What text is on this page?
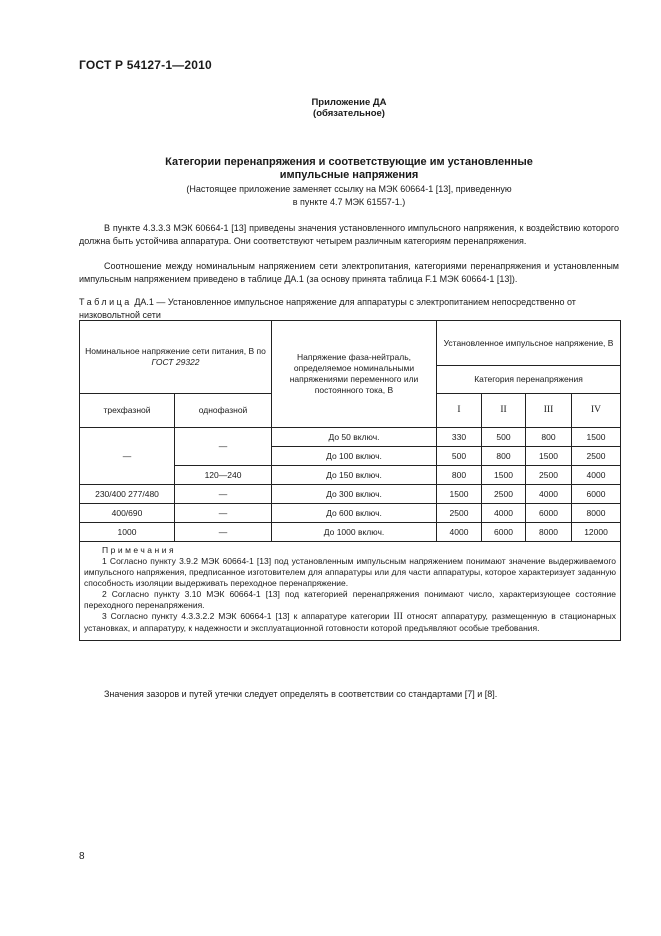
ГОСТ Р 54127-1—2010
Приложение ДА
(обязательное)
Категории перенапряжения и соответствующие им установленные
импульсные напряжения
(Настоящее приложение заменяет ссылку на МЭК 60664-1 [13], приведенную
в пункте 4.7 МЭК 61557-1.)
В пункте 4.3.3.3 МЭК 60664-1 [13] приведены значения установленного импульсного напряжения, к воздействию которого должна быть устойчива аппаратура. Они соответствуют четырем различным категориям перенапряжения.
Соотношение между номинальным напряжением сети электропитания, категориями перенапряжения и установленным импульсным напряжением приведено в таблице ДА.1 (за основу принята таблица F.1 МЭК 60664-1 [13]).
Таблица ДА.1 — Установленное импульсное напряжение для аппаратуры с электропитанием непосредственно от низковольтной сети
Номинальное напряжение сети питания, В по ГОСТ 29322		Напряжение фаза-нейтраль, определяемое номинальными напряжениями переменного или постоянного тока, В	Установленное импульсное напряжение, В			
			Категория перенапряжения			
трехфазной	однофазной		I	II	III	IV
—	—	До 50 включ.	330	500	800	1500
		До 100 включ.	500	800	1500	2500
	120—240	До 150 включ.	800	1500	2500	4000
230/400 277/480	—	До 300 включ.	1500	2500	4000	6000
400/690	—	До 600 включ.	2500	4000	6000	8000
1000	—	До 1000 включ.	4000	6000	8000	12000

Примечания
1 Согласно пункту 3.9.2 МЭК 60664-1 [13] под установленным импульсным напряжением понимают значение выдерживаемого импульсного напряжения, предписанное изготовителем для аппаратуры или для части аппаратуры, которое характеризует заданную способность изоляции выдерживать переходное перенапряжение.
2 Согласно пункту 3.10 МЭК 60664-1 [13] под категорией перенапряжения понимают число, характеризующее состояние переходного перенапряжения.
3 Согласно пункту 4.3.3.2.2 МЭК 60664-1 [13] к аппаратуре категории III относят аппаратуру, размещенную в стационарных установках, и аппаратуру, к надежности и эксплуатационной готовности которой предъявляют особые требования.						
Значения зазоров и путей утечки следует определять в соответствии со стандартами [7] и [8].
8
